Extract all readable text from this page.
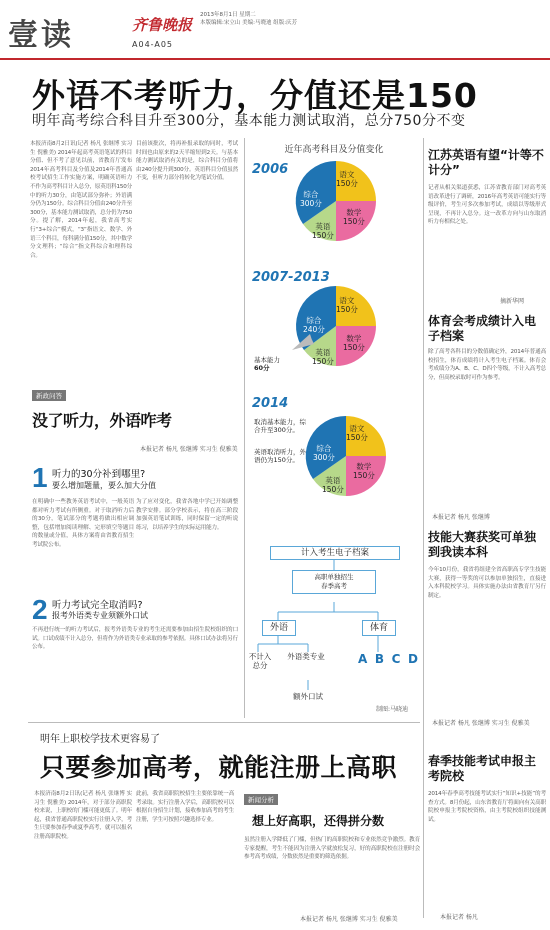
壹读	齐鲁晚报
2013年8月1日 星期二
本版编辑:宋立山 美编:马晓迪 组版:庆芳
A04-A05
外语不考听力，分值还是150
明年高考综合科目升至300分，基本能力测试取消，总分750分不变
本报济南8月2日讯(记者 杨凡 张继博 实习生 倪雅美) 2014年起高考英语笔试的科目分值、但不考了意见以前，省教育厅发布2014年高考科目及分值及2014年普通高校考试招生工作实施方案，明确英语听力不作为高考科目计入总分，原英语科150分中的听力30分，由笔试部分弥补；外语满分仍为150分。综合科目分值由240分升至300分，基本能力测试取消，总分仍为750分。提了解，2014年起，我省高考实行“3+综合”模式，“3”指语文、数学、外语三个科目，每科满分值150分，其中数学分文理科；“综合”指文科综合和理科综合。
目前该批次，将再补报录取的同时，考试时间也由原来的2天半缩短到2天。与基本能力测试取消有关的是，综合科目分值将由240分提升到300分。英语科目分值虽然不变，但听力部分将转化为笔试分值。
新政问答
没了听力，外语咋考
本报记者 杨凡 张继博 实习生 倪雅美
1 听力的30分补到哪里?
要么增加题量，要么加大分值
在明确中一些教务英语考试中，一般英语都对听力考试有所侧重。对于取消听力后的30分，笔试部分的考题将做出相应调整，包括增加阅读理解、完形填空等题目的数量或分值，具体方案将由省教育招生考试院公布。
为了应对变化，我省各地中学已开始调整教学安排。部分学校表示，将在高三阶段加强英语笔试训练，同时保留一定的听说练习，以培养学生的实际运用能力。
2 听力考试完全取消吗?
报考外语类专业须额外口试
不再进行统一的听力考试后，报考外语类专业的考生还需要参加由招生院校组织的口试。口试成绩不计入总分，但将作为外语类专业录取的参考依据。具体口试办法将另行公布。
近年高考科目及分值变化
2006	语文
150分
数学
150分
英语
150分
综合
300分
2007-2013
语文
150分
数学
150分
英语
150分
综合
240分
基本能力
60分
2014
语文
150分
数学
150分
英语
150分
综合
300分
取消基本能力，综合升至300分。
英语取消听力，外语仍为150分。
计入考生电子档案
高职单独招生
春季高考
外语	体育
不计入总分
外语类专业	A B C D
额外口试
制图:马晓迪
江苏英语有望“计等不计分”
记者从相关渠道获悉，江苏省教育部门对高考英语改革进行了调研，2016年高考英语可能实行等级评价，考生可多次参加考试，成绩以等级形式呈现，不再计入总分。这一改革方向与山东取消听力有相似之处。
摘新华网
体育会考成绩计入电子档案
除了高考各科目的分数值确定外，2014年普通高校招生，体育成绩将计入考生电子档案。体育会考成绩分为A、B、C、D四个等级，不计入高考总分，但高校录取时可作为参考。
本报记者 杨凡 张继博
技能大赛获奖可单独到我读本科
今年10月份，我省将组建全省高职高专学生技能大赛，获得一等奖的可以参加单独招生，直接进入本科院校学习。具体实施办法由省教育厅另行制定。
本报记者 杨凡 张继博 实习生 倪雅美
春季技能考试申报主考院校
2014年春季高考技能考试实行“知识+技能”的考查方式。8月份起，山东省教育厅将面向有关高职院校申报主考院校资格，由主考院校组织技能测试。
本报记者 杨凡
明年上职校学技术更容易了
只要参加高考，就能注册上高职
本报济南8月2日讯(记者 杨凡 张继博 实习生 倪雅美) 2014年，对于部分高职院校来说，上职校的门槛可能更低了。明年起，我省普通高职院校实行注册入学，考生只要参加春季或夏季高考，就可以报名注册高职院校。
此前，我省高职院校招生主要依靠统一高考录取。实行注册入学后，高职院校可以根据自身招生计划，接收参加高考的考生注册，学生可按照兴趣选择专业。
新闻分析
想上好高职，还得拼分数
虽然注册入学降低了门槛，但热门的高职院校和专业依然竞争激烈。教育专家提醒，考生不能因为注册入学就放松复习，好的高职院校在注册时会参考高考成绩，分数依然是重要的筛选依据。
本报记者 杨凡 张继博 实习生 倪雅美
